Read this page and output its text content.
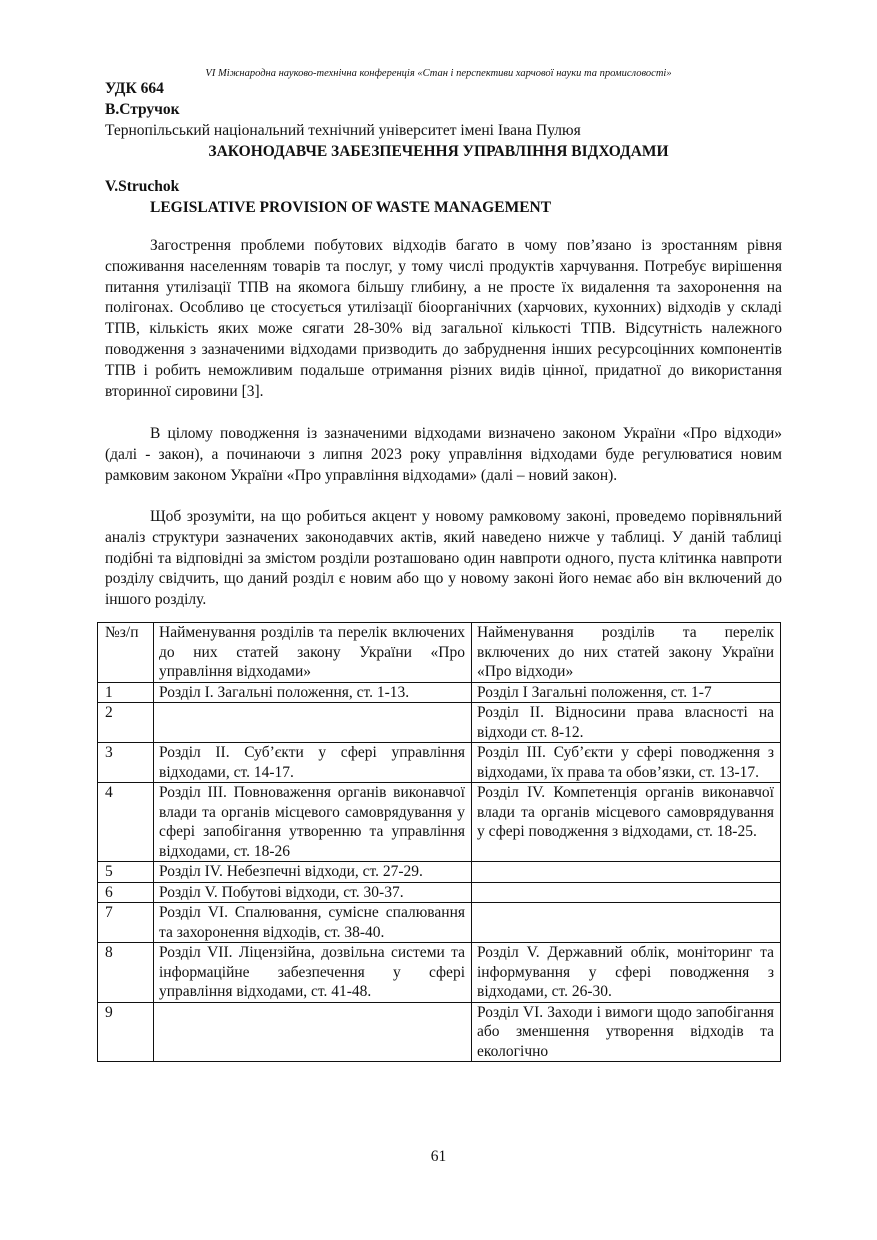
VI Міжнародна науково-технічна конференція «Стан і перспективи харчової науки та промисловості»
УДК 664
В.Стручок
Тернопільський національний технічний університет імені Івана Пулюя
ЗАКОНОДАВЧЕ ЗАБЕЗПЕЧЕННЯ УПРАВЛІННЯ ВІДХОДАМИ
V.Struchok
LEGISLATIVE PROVISION OF WASTE MANAGEMENT

Загострення проблеми побутових відходів багато в чому пов’язано із зростанням рівня споживання населенням товарів та послуг, у тому числі продуктів харчування. Потребує вирішення питання утилізації ТПВ на якомога більшу глибину, а не просте їх видалення та захоронення на полігонах. Особливо це стосується утилізації біоорганічних (харчових, кухонних) відходів у складі ТПВ, кількість яких може сягати 28-30% від загальної кількості ТПВ. Відсутність належного поводження з зазначеними відходами призводить до забруднення інших ресурсоцінних компонентів ТПВ і робить неможливим подальше отримання різних видів цінної, придатної до використання вторинної сировини [3].

В цілому поводження із зазначеними відходами визначено законом України «Про відходи» (далі - закон), а починаючи з липня 2023 року управління відходами буде регулюватися новим рамковим законом України «Про управління відходами» (далі – новий закон).

Щоб зрозуміти, на що робиться акцент у новому рамковому законі, проведемо порівняльний аналіз структури зазначених законодавчих актів, який наведено нижче у таблиці. У даній таблиці подібні та відповідні за змістом розділи розташовано один навпроти одного, пуста клітинка навпроти розділу свідчить, що даний розділ є новим або що у новому законі його немає або він включений до іншого розділу.

№з/п	Найменування розділів та перелік включених до них статей закону України «Про управління відходами»	Найменування розділів та перелік включених до них статей закону України «Про відходи»
1	Розділ I. Загальні положення, ст. 1-13.	Розділ I Загальні положення, ст. 1-7
2		Розділ II. Відносини права власності на відходи ст. 8-12.
3	Розділ II. Суб’єкти у сфері управління відходами, ст. 14-17.	Розділ III. Суб’єкти у сфері поводження з відходами, їх права та обов’язки, ст. 13-17.
4	Розділ III. Повноваження органів виконавчої влади та органів місцевого самоврядування у сфері запобігання утворенню та управління відходами, ст. 18-26	Розділ IV. Компетенція органів виконавчої влади та органів місцевого самоврядування у сфері поводження з відходами, ст. 18-25.
5	Розділ IV. Небезпечні відходи, ст. 27-29.	
6	Розділ V. Побутові відходи, ст. 30-37.	
7	Розділ VI. Спалювання, сумісне спалювання та захоронення відходів, ст. 38-40.	
8	Розділ VII. Ліцензійна, дозвільна системи та інформаційне забезпечення у сфері управління відходами, ст. 41-48.	Розділ V. Державний облік, моніторинг та інформування у сфері поводження з відходами, ст. 26-30.
9		Розділ VI. Заходи і вимоги щодо запобігання або зменшення утворення відходів та екологічно
61
